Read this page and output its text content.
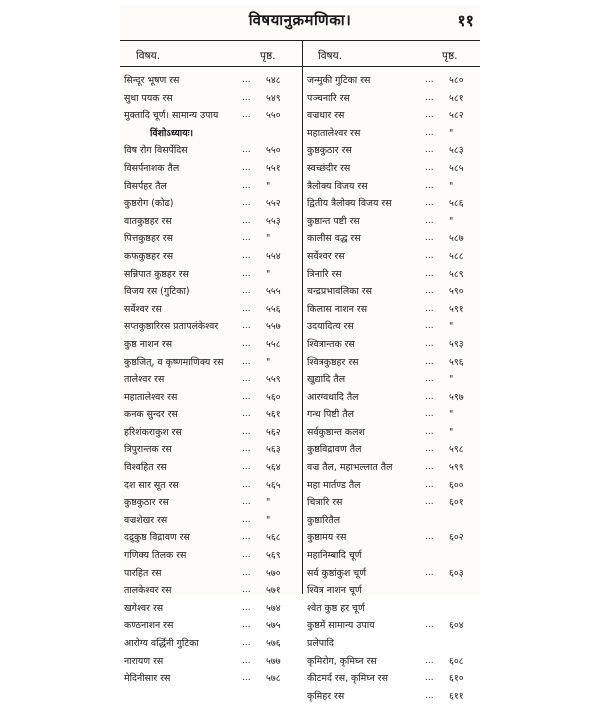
विषयानुक्रमणिका।	११
विषय.	पृष्ठ.	विषय.	पृष्ठ.
सिन्दूर भूषण रस	... ५४८
सुधा पयक रस	... ५४९
मुक्तादि चूर्ण। सामान्य उपाय	... ५५०
विंशोऽध्यायः।
विष रोग विसर्पेदिस	... ५५०
विसर्पनाशक तैल	... ५५१
विसर्पहर तैल	... "
कुष्ठरोग (कोढ)	... ५५२
वातकुष्ठहर रस	... ५५३
पित्तकुष्ठहर रस	... "
कफकुष्ठहर रस	... ५५४
सन्निपात कुष्ठहर रस	... "
विजय रस (गुटिका)	... ५५५
सर्वेश्वर रस	... ५५६
सप्तकुष्ठारिरस प्रतापलंकेश्वर	... ५५७
कुष्ठ नाशन रस	... ५५८
कुष्ठजित्, व कृष्णमाणिक्य रस ... "
तालेश्वर रस	... ५५९
महातालेश्वर रस	... ५६०
कनक सुन्दर रस	... ५६१
हरिशंकराकुश रस	... ५६२
त्रिपुरान्तक रस	... ५६३
विश्वहित रस	... ५६४
दश सार सूत रस	... ५६५
कुष्ठकुठार रस	... "
वज्रशेखर रस	... "
दद्रुकुष्ठ विद्रावण रस	... ५६८
गणिक्य तिलक रस	... ५६९
पारहित रस	... ५७०
तालकेश्वर रस	... ५७१
खगेश्वर रस	... ५७४
कण्ठनाशन रस	... ५७५
आरोग्य वर्द्धिनी गुटिका	... ५७६
नारायण रस	... ५७७
मेदिनीसार रस	... ५७८
जन्मुकी गुटिका रस	... ५८०
पञ्चनारि रस	... ५८१
वज्रधार रस	... ५८२
महातालेश्वर रस	... "
कुष्ठकुठार रस	... ५८३
स्वच्छंदीर रस	... ५८५
त्रैलोक्य विजय रस	... "
द्वितीय त्रैलोक्य विजय रस	... ५८६
कुष्ठान्त पष्टी रस	... "
कालीस वद्ध रस	... ५८७
सर्वेश्वर रस	... ५८८
त्रिनारि रस	... ५८९
चन्द्रप्रभावलिका रस	... ५९०
किलास नाशन रस	... ५९१
उदयादित्य रस	... "
श्वित्रान्तक रस	... ५९३
श्वित्रकुष्ठहर रस	... ५९६
खुद्यादि तैल	... "
आरग्वधादि तैल	... ५९७
गन्ध पिष्टी तैल	... "
सर्वकुष्ठान्त कलश	... "
कुष्ठविद्रावण तैल	... ५९८
वज्र तैल, महाभल्लात तैल	... ५९९
महा मार्तण्ड तैल	... ६००
चित्रारि रस	... ६०१
कुष्ठारितैल
कुष्ठामय रस	... ६०२
महानिम्बादि चूर्ण
सर्व कुष्ठांकुश चूर्ण	... ६०३
श्वित्र नाशन चूर्ण
श्वेत कुष्ठ हर चूर्ण
कुष्ठमें सामान्य उपाय	... ६०४
प्रलेपादि
कृमिरोग, कृमिघ्न रस	... ६०८
कीटमर्द रस, कृमिघ्न रस	... ६१०
कृमिहर रस	... ६११
